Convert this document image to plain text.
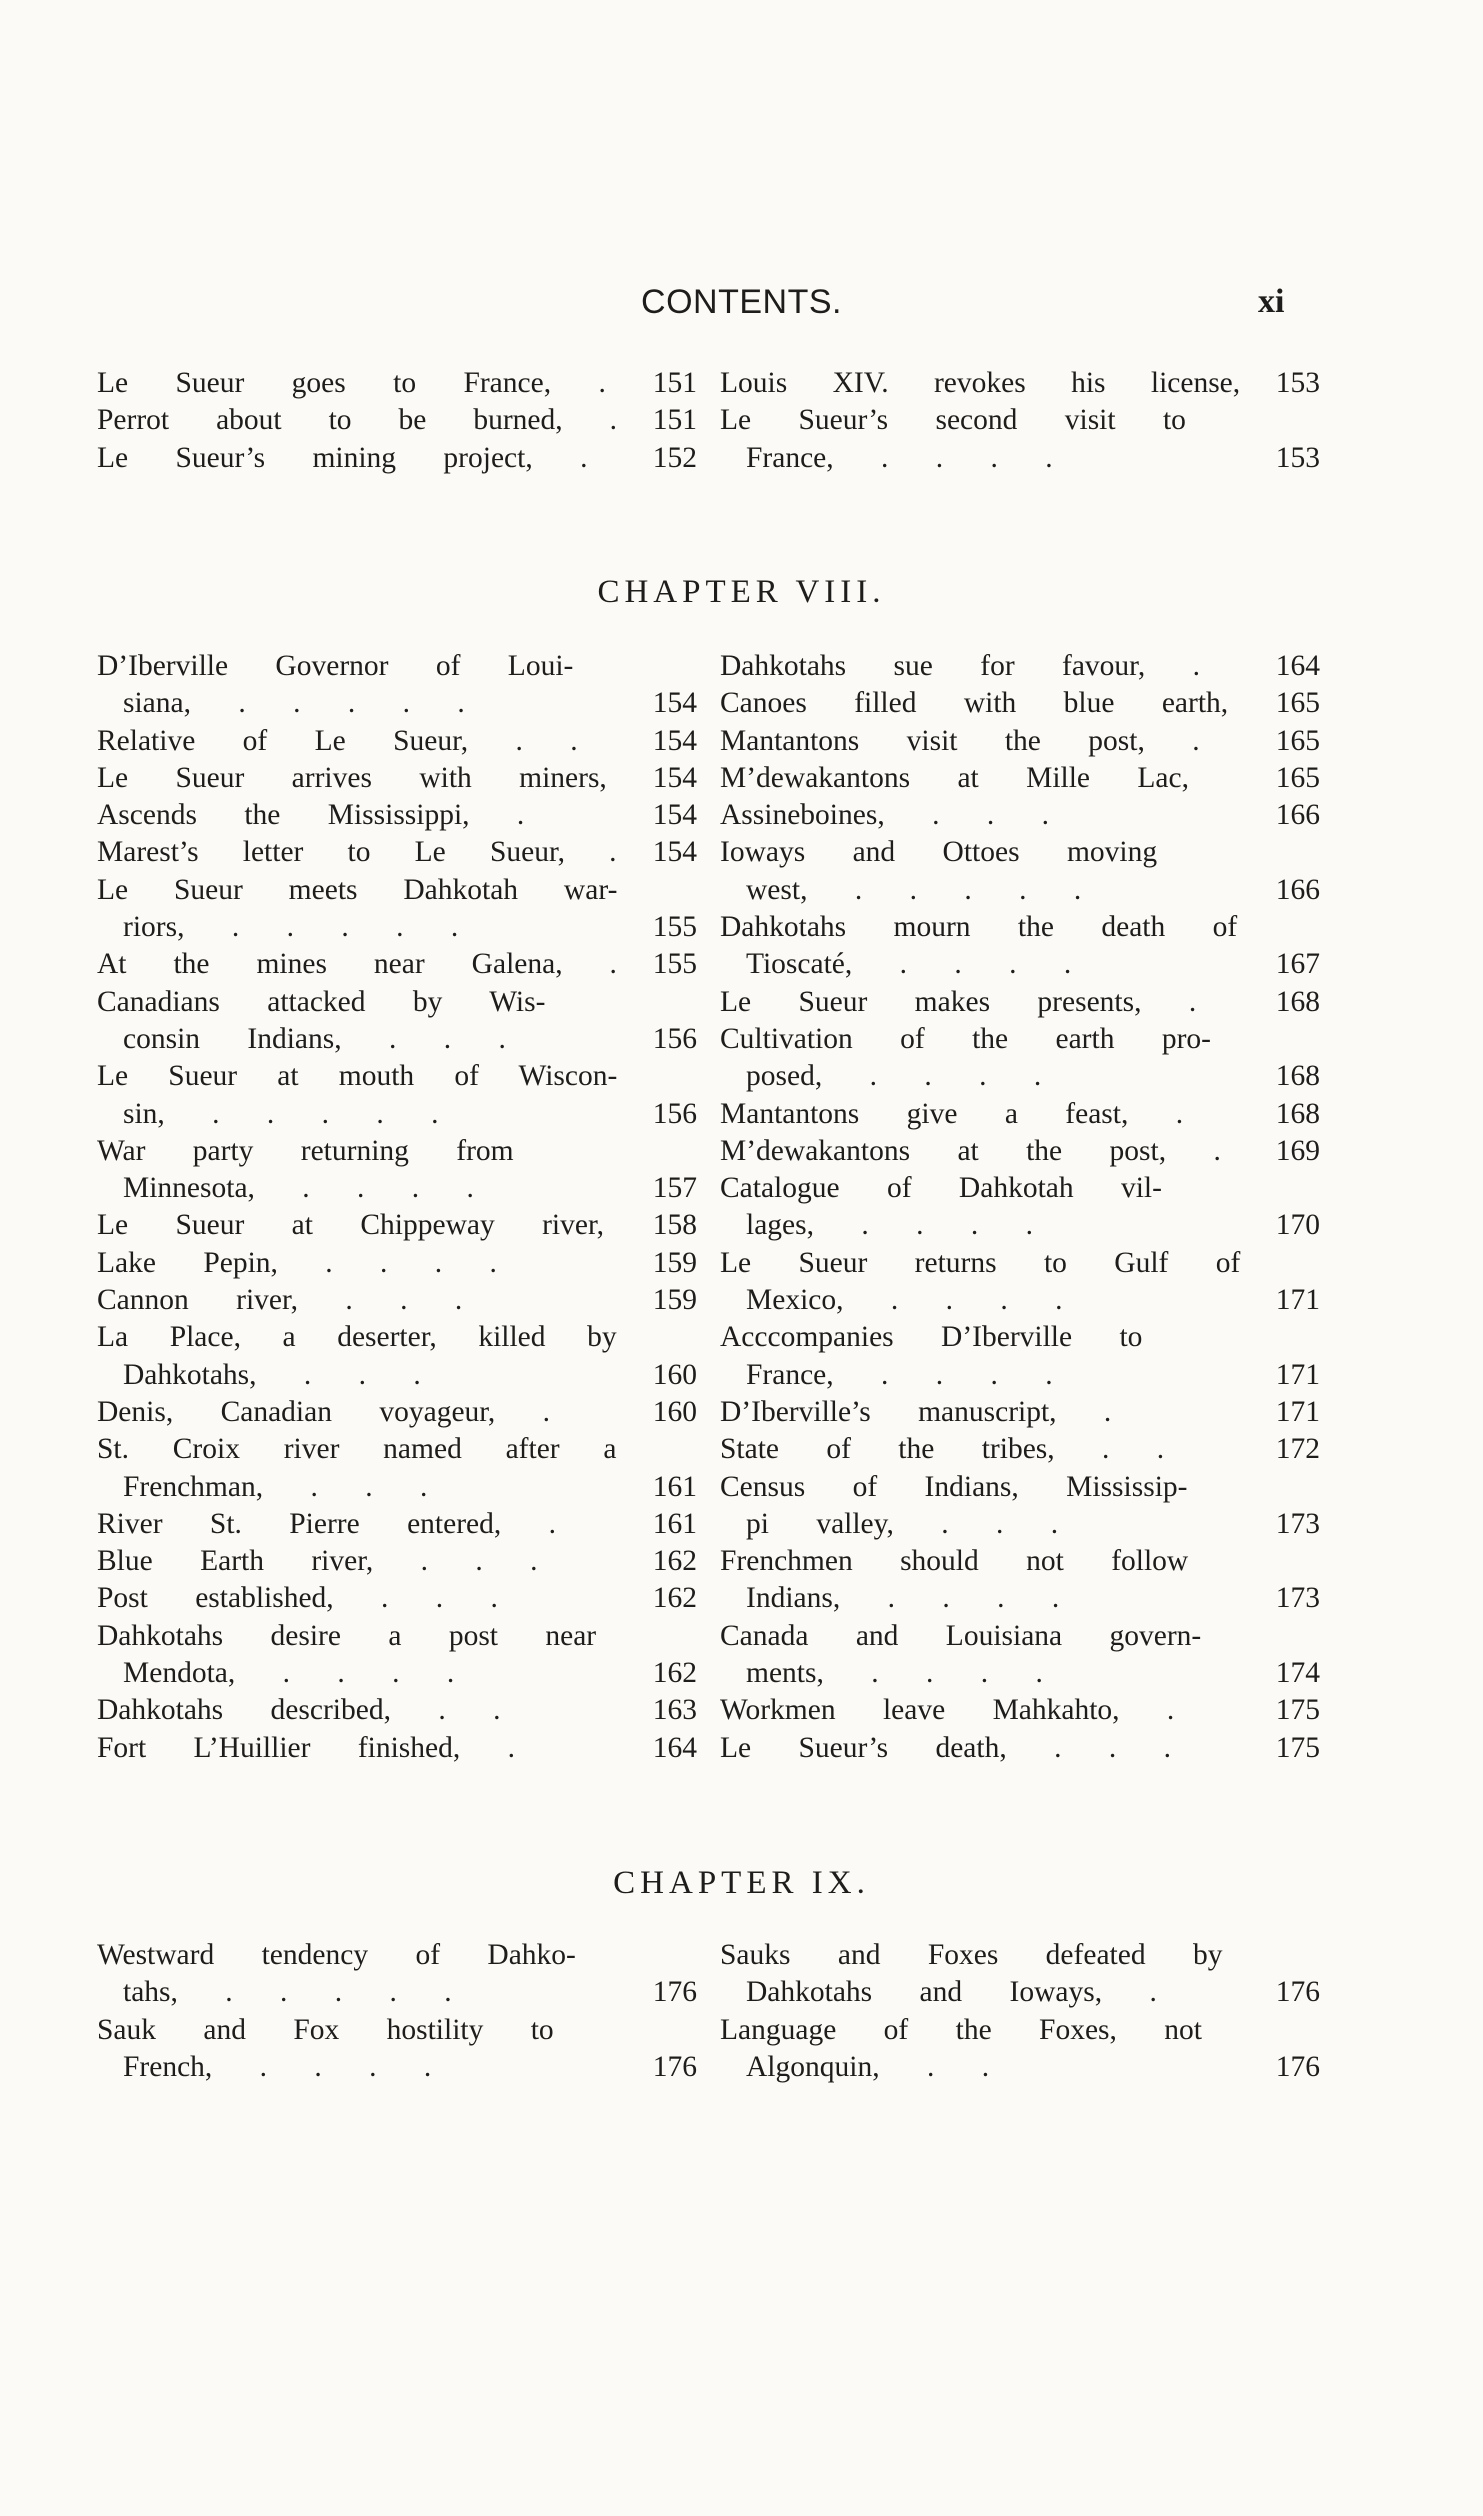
CONTENTS.	xi
Le Sueur goes to France, . 151
Perrot about to be burned, . 151
Le Sueur’s mining project, . 152
Louis XIV. revokes his license, 153
Le Sueur’s second visit to
France, . . . .	153
CHAPTER VIII.
D’Iberville Governor of Loui-
siana, . . . . .	154
Relative of Le Sueur, . .	154
Le Sueur arrives with miners, 154
Ascends the Mississippi, .	154
Marest’s letter to Le Sueur, . 154
Le Sueur meets Dahkotah war-
riors, . . . . .	155
At the mines near Galena, . 155
Canadians attacked by Wis-
consin Indians, . . .	156
Le Sueur at mouth of Wiscon-
sin, . . . . .	156
War party returning from
Minnesota, . . . .	157
Le Sueur at Chippeway river, 158
Lake Pepin, . . . .	159
Cannon river, . . .	159
La Place, a deserter, killed by
Dahkotahs, . . .	160
Denis, Canadian voyageur, .	160
St. Croix river named after a
Frenchman, . . .	161
River St. Pierre entered, .	161
Blue Earth river, . . .	162
Post established, . . .	162
Dahkotahs desire a post near
Mendota, . . . .	162
Dahkotahs described, . .	163
Fort L’Huillier finished, .	164
Dahkotahs sue for favour, .	164
Canoes filled with blue earth, 165
Mantantons visit the post, .	165
M’dewakantons at Mille Lac,	165
Assineboines, . . .	166
Ioways and Ottoes moving
west, . . . . .	166
Dahkotahs mourn the death of
Tioscaté, . . . .	167
Le Sueur makes presents, .	168
Cultivation of the earth pro-
posed, . . . .	168
Mantantons give a feast, .	168
M’dewakantons at the post, . 169
Catalogue of Dahkotah vil-
lages, . . . .	170
Le Sueur returns to Gulf of
Mexico, . . . .	171
Acccompanies D’Iberville to
France, . . . .	171
D’Iberville’s manuscript, .	171
State of the tribes, . .	172
Census of Indians, Mississip-
pi valley, . . .	173
Frenchmen should not follow
Indians, . . . .	173
Canada and Louisiana govern-
ments, . . . .	174
Workmen leave Mahkahto, .	175
Le Sueur’s death, . . .	175
CHAPTER IX.
Westward tendency of Dahko-
tahs, . . . . .	176
Sauk and Fox hostility to
French, . . . .	176
Sauks and Foxes defeated by
Dahkotahs and Ioways, .	176
Language of the Foxes, not
Algonquin, . .	176
